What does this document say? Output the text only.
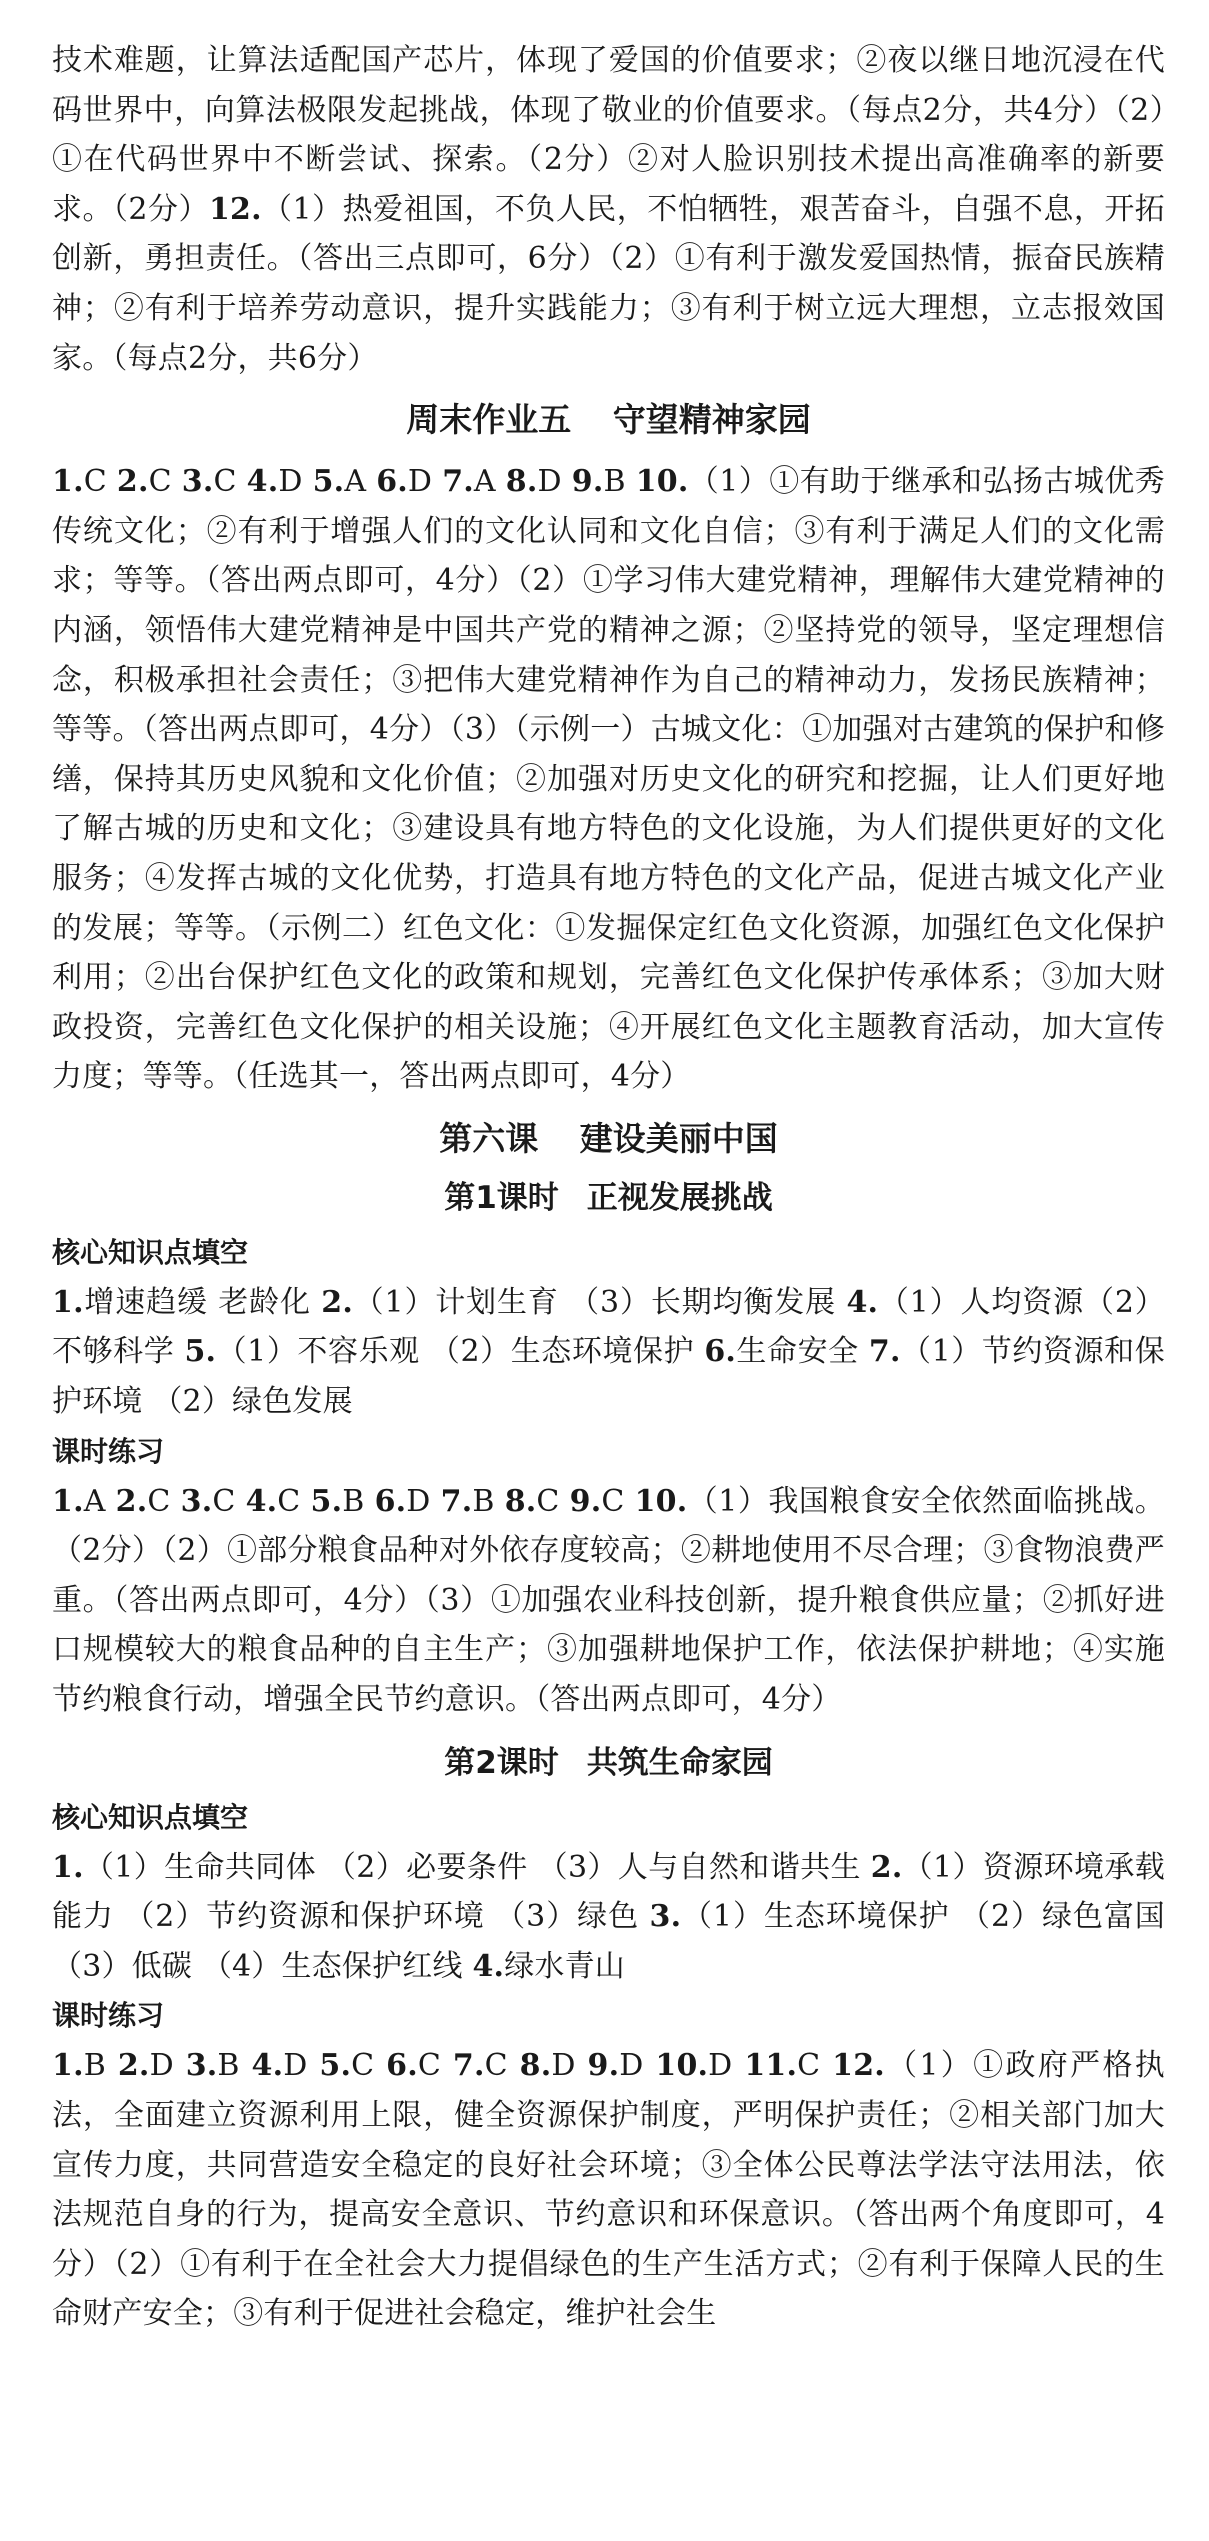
技术难题，让算法适配国产芯片，体现了爱国的价值要求；②夜以继日地沉浸在代码世界中，向算法极限发起挑战，体现了敬业的价值要求。（每点2分，共4分）（2）①在代码世界中不断尝试、探索。（2分）②对人脸识别技术提出高准确率的新要求。（2分）12.（1）热爱祖国，不负人民，不怕牺牲，艰苦奋斗，自强不息，开拓创新，勇担责任。（答出三点即可，6分）（2）①有利于激发爱国热情，振奋民族精神；②有利于培养劳动意识，提升实践能力；③有利于树立远大理想，立志报效国家。（每点2分，共6分）

周末作业五 守望精神家园

1.C 2.C 3.C 4.D 5.A 6.D 7.A 8.D 9.B 10.（1）①有助于继承和弘扬古城优秀传统文化；②有利于增强人们的文化认同和文化自信；③有利于满足人们的文化需求；等等。（答出两点即可，4分）（2）①学习伟大建党精神，理解伟大建党精神的内涵，领悟伟大建党精神是中国共产党的精神之源；②坚持党的领导，坚定理想信念，积极承担社会责任；③把伟大建党精神作为自己的精神动力，发扬民族精神；等等。（答出两点即可，4分）（3）（示例一）古城文化：①加强对古建筑的保护和修缮，保持其历史风貌和文化价值；②加强对历史文化的研究和挖掘，让人们更好地了解古城的历史和文化；③建设具有地方特色的文化设施，为人们提供更好的文化服务；④发挥古城的文化优势，打造具有地方特色的文化产品，促进古城文化产业的发展；等等。（示例二）红色文化：①发掘保定红色文化资源，加强红色文化保护利用；②出台保护红色文化的政策和规划，完善红色文化保护传承体系；③加大财政投资，完善红色文化保护的相关设施；④开展红色文化主题教育活动，加大宣传力度；等等。（任选其一，答出两点即可，4分）

第六课 建设美丽中国
第1课时 正视发展挑战
核心知识点填空

1.增速趋缓 老龄化 2.（1）计划生育 （3）长期均衡发展 4.（1）人均资源（2）不够科学 5.（1）不容乐观 （2）生态环境保护 6.生命安全 7.（1）节约资源和保护环境 （2）绿色发展

课时练习

1.A 2.C 3.C 4.C 5.B 6.D 7.B 8.C 9.C 10.（1）我国粮食安全依然面临挑战。（2分）（2）①部分粮食品种对外依存度较高；②耕地使用不尽合理；③食物浪费严重。（答出两点即可，4分）（3）①加强农业科技创新，提升粮食供应量；②抓好进口规模较大的粮食品种的自主生产；③加强耕地保护工作，依法保护耕地；④实施节约粮食行动，增强全民节约意识。（答出两点即可，4分）

第2课时 共筑生命家园
核心知识点填空

1.（1）生命共同体 （2）必要条件 （3）人与自然和谐共生 2.（1）资源环境承载能力 （2）节约资源和保护环境 （3）绿色 3.（1）生态环境保护 （2）绿色富国 （3）低碳 （4）生态保护红线 4.绿水青山

课时练习

1.B 2.D 3.B 4.D 5.C 6.C 7.C 8.D 9.D 10.D 11.C 12.（1）①政府严格执法，全面建立资源利用上限，健全资源保护制度，严明保护责任；②相关部门加大宣传力度，共同营造安全稳定的良好社会环境；③全体公民尊法学法守法用法，依法规范自身的行为，提高安全意识、节约意识和环保意识。（答出两个角度即可，4分）（2）①有利于在全社会大力提倡绿色的生产生活方式；②有利于保障人民的生命财产安全；③有利于促进社会稳定，维护社会生
